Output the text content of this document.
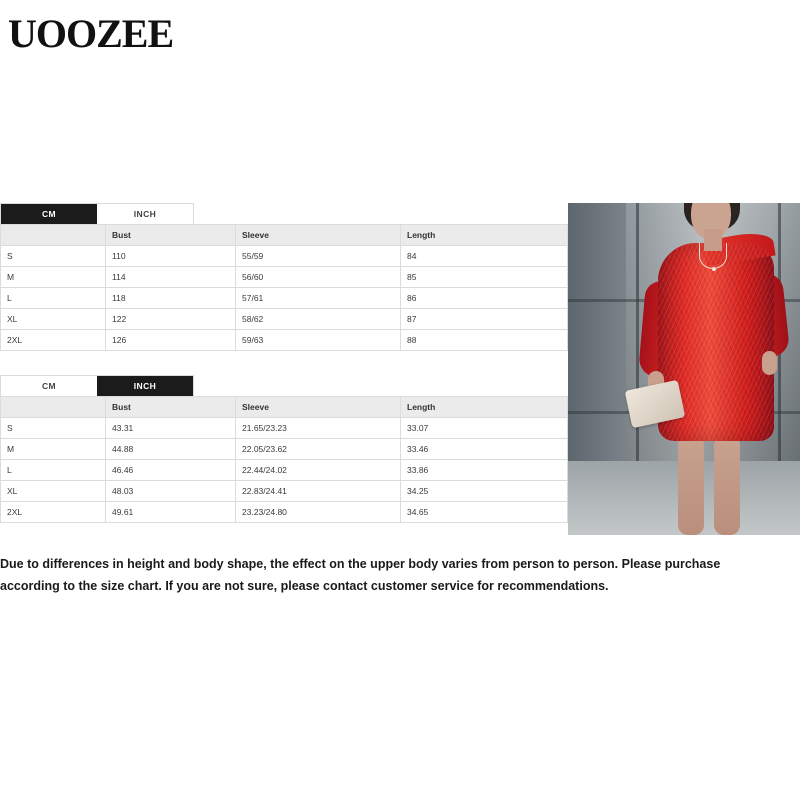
UOOZEE
CM	INCH
	Bust	Sleeve	Length
S	110	55/59	84
M	114	56/60	85
L	118	57/61	86
XL	122	58/62	87
2XL	126	59/63	88
CM	INCH
	Bust	Sleeve	Length
S	43.31	21.65/23.23	33.07
M	44.88	22.05/23.62	33.46
L	46.46	22.44/24.02	33.86
XL	48.03	22.83/24.41	34.25
2XL	49.61	23.23/24.80	34.65
Due to differences in height and body shape, the effect on the upper body varies from person to person. Please purchase according to the size chart. If you are not sure, please contact customer service for recommendations.
